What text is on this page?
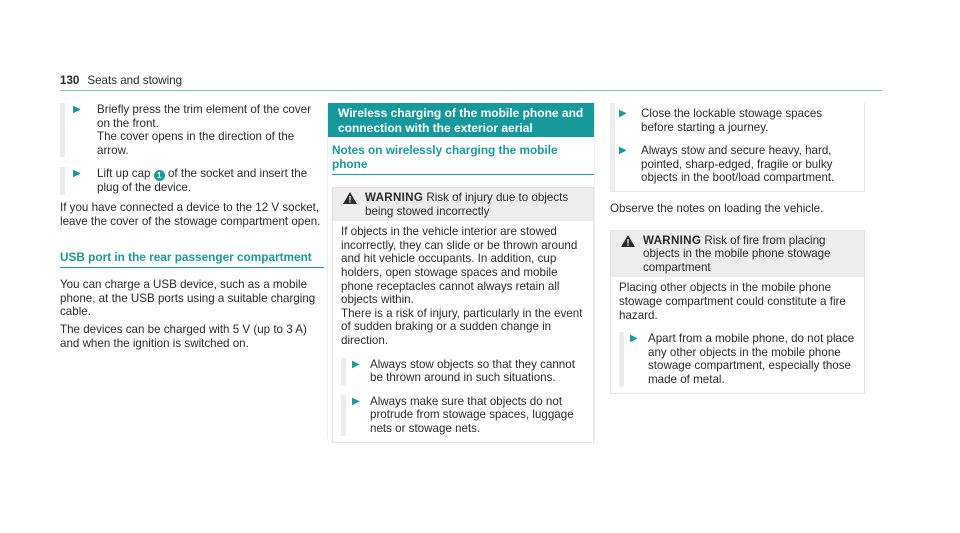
130 Seats and stowing
▶ Briefly press the trim element of the cover on the front.

The cover opens in the direction of the arrow.

▶ Lift up cap 1 of the socket and insert the plug of the device.

If you have connected a device to the 12 V socket, leave the cover of the stowage compartment open.

USB port in the rear passenger compartment

You can charge a USB device, such as a mobile phone, at the USB ports using a suitable charging cable.

The devices can be charged with 5 V (up to 3 A) and when the ignition is switched on.

Wireless charging of the mobile phone and connection with the exterior aerial

Notes on wirelessly charging the mobile phone

WARNING Risk of injury due to objects being stowed incorrectly

If objects in the vehicle interior are stowed incorrectly, they can slide or be thrown around and hit vehicle occupants. In addition, cup holders, open stowage spaces and mobile phone receptacles cannot always retain all objects within.

There is a risk of injury, particularly in the event of sudden braking or a sudden change in direction.

▶ Always stow objects so that they cannot be thrown around in such situations.

▶ Always make sure that objects do not protrude from stowage spaces, luggage nets or stowage nets.

▶ Close the lockable stowage spaces before starting a journey.

▶ Always stow and secure heavy, hard, pointed, sharp-edged, fragile or bulky objects in the boot/load compartment.

Observe the notes on loading the vehicle.

WARNING Risk of fire from placing objects in the mobile phone stowage compartment

Placing other objects in the mobile phone stowage compartment could constitute a fire hazard.

▶ Apart from a mobile phone, do not place any other objects in the mobile phone stowage compartment, especially those made of metal.
